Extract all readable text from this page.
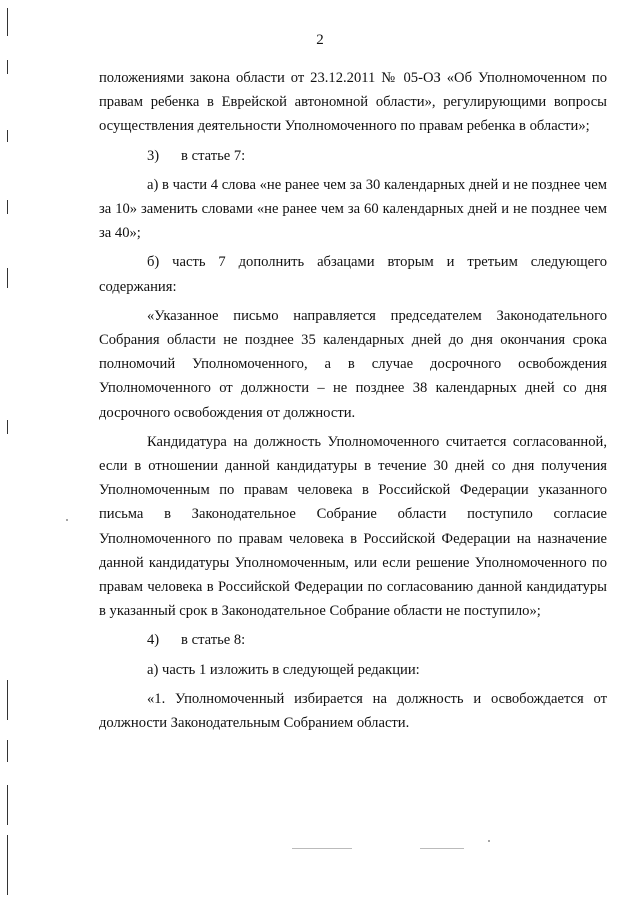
2

положениями закона области от 23.12.2011 № 05-ОЗ «Об Уполномоченном по правам ребенка в Еврейской автономной области», регулирующими вопросы осуществления деятельности Уполномоченного по правам ребенка в области»;

3)      в статье 7:

а) в части 4 слова «не ранее чем за 30 календарных дней и не позднее чем за 10» заменить словами «не ранее чем за 60 календарных дней и не позднее чем за 40»;

б) часть 7 дополнить абзацами вторым и третьим следующего содержания:

«Указанное письмо направляется председателем Законодательного Собрания области не позднее 35 календарных дней до дня окончания срока полномочий Уполномоченного, а в случае досрочного освобождения Уполномоченного от должности – не позднее 38 календарных дней со дня досрочного освобождения от должности.

Кандидатура на должность Уполномоченного считается согласованной, если в отношении данной кандидатуры в течение 30 дней со дня получения Уполномоченным по правам человека в Российской Федерации указанного письма в Законодательное Собрание области поступило согласие Уполномоченного по правам человека в Российской Федерации на назначение данной кандидатуры Уполномоченным, или если решение Уполномоченного по правам человека в Российской Федерации по согласованию данной кандидатуры в указанный срок в Законодательное Собрание области не поступило»;

4)      в статье 8:

а) часть 1 изложить в следующей редакции:

«1. Уполномоченный избирается на должность и освобождается от должности Законодательным Собранием области.
